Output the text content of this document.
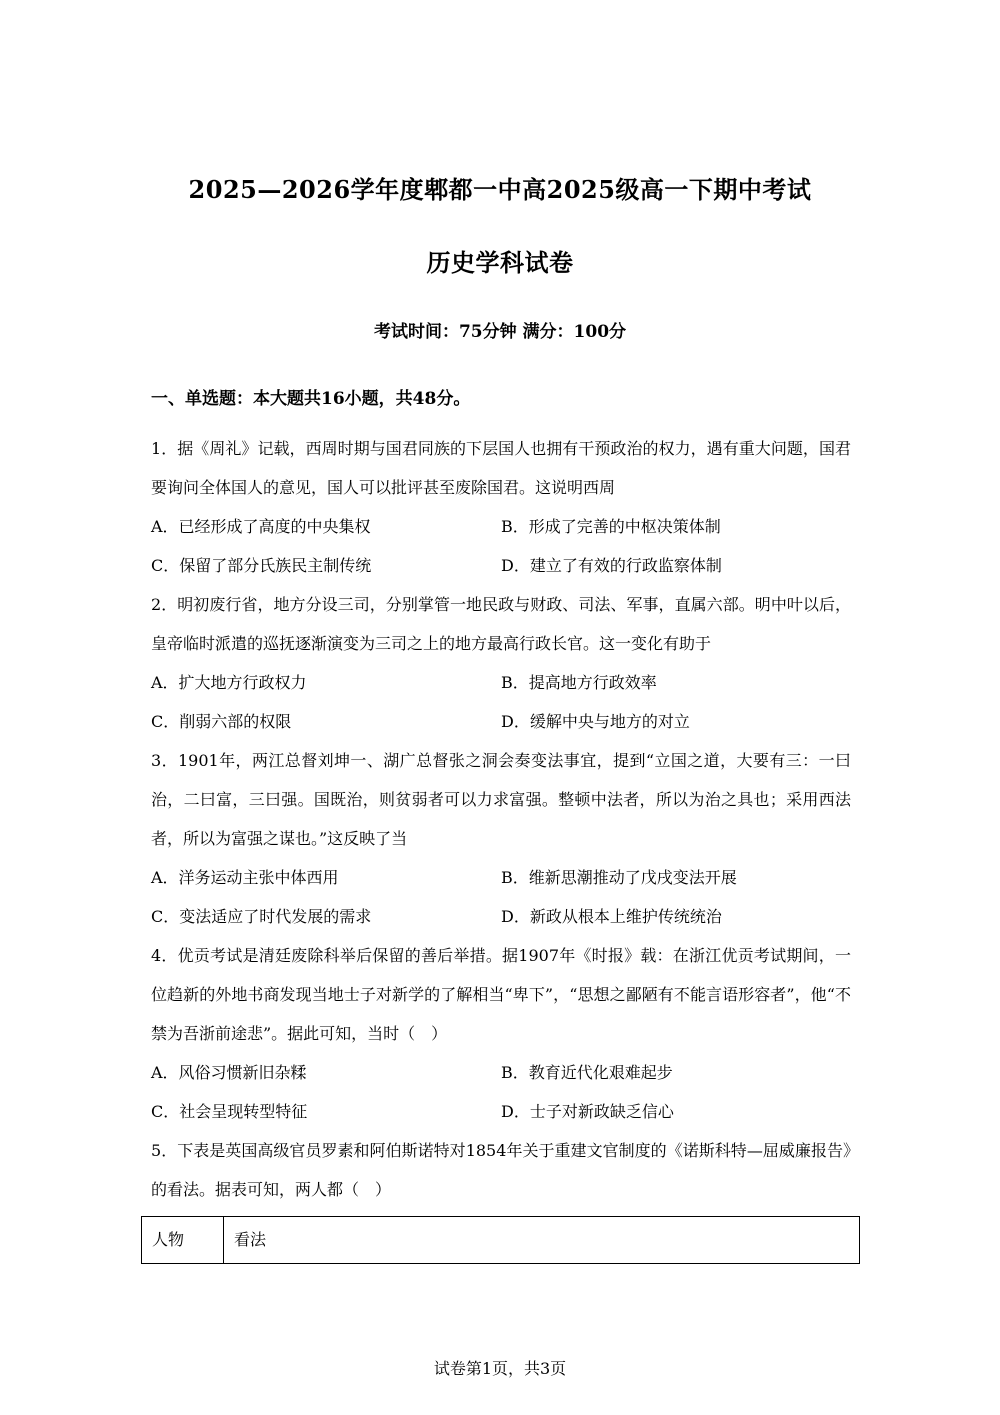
2025—2026学年度郫都一中高2025级高一下期中考试
历史学科试卷
考试时间：75分钟 满分：100分
一、单选题：本大题共16小题，共48分。

1．据《周礼》记载，西周时期与国君同族的下层国人也拥有干预政治的权力，遇有重大问题，国君要询问全体国人的意见，国人可以批评甚至废除国君。这说明西周

A．已经形成了高度的中央集权	B．形成了完善的中枢决策体制
C．保留了部分氏族民主制传统	D．建立了有效的行政监察体制

2．明初废行省，地方分设三司，分别掌管一地民政与财政、司法、军事，直属六部。明中叶以后，皇帝临时派遣的巡抚逐渐演变为三司之上的地方最高行政长官。这一变化有助于

A．扩大地方行政权力	B．提高地方行政效率
C．削弱六部的权限	D．缓解中央与地方的对立

3．1901年，两江总督刘坤一、湖广总督张之洞会奏变法事宜，提到“立国之道，大要有三：一曰治，二曰富，三曰强。国既治，则贫弱者可以力求富强。整顿中法者，所以为治之具也；采用西法者，所以为富强之谋也。”这反映了当

A．洋务运动主张中体西用	B．维新思潮推动了戊戌变法开展
C．变法适应了时代发展的需求	D．新政从根本上维护传统统治

4．优贡考试是清廷废除科举后保留的善后举措。据1907年《时报》载：在浙江优贡考试期间，一位趋新的外地书商发现当地士子对新学的了解相当“卑下”，“思想之鄙陋有不能言语形容者”，他“不禁为吾浙前途悲”。据此可知，当时（　）

A．风俗习惯新旧杂糅	B．教育近代化艰难起步
C．社会呈现转型特征	D．士子对新政缺乏信心

5．下表是英国高级官员罗素和阿伯斯诺特对1854年关于重建文官制度的《诺斯科特—屈威廉报告》的看法。据表可知，两人都（　）

人物	看法
试卷第1页，共3页
